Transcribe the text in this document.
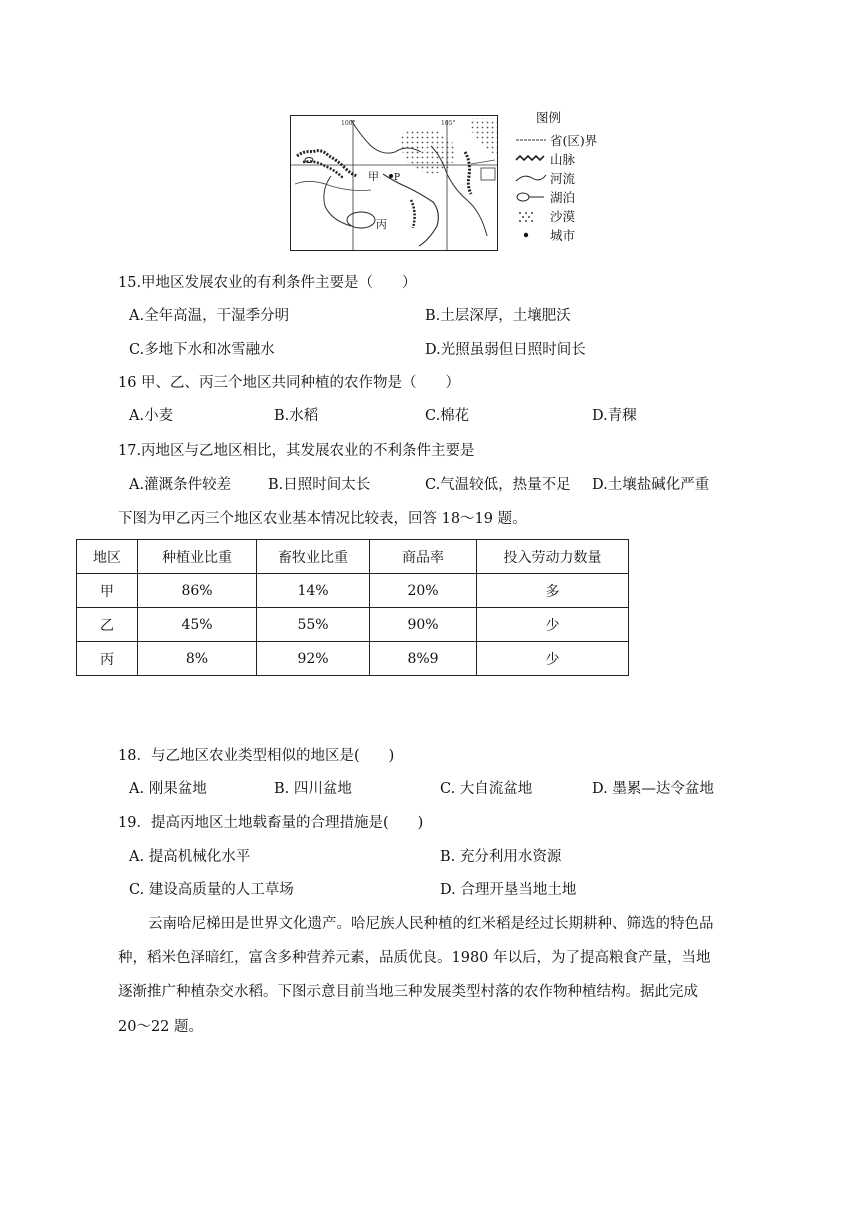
100°	105°
P
甲
丙
图例
省(区)界
山脉
河流
湖泊
沙漠
城市
15.甲地区发展农业的有利条件主要是（　　）
A.全年高温，干湿季分明	B.土层深厚，土壤肥沃
C.多地下水和冰雪融水	D.光照虽弱但日照时间长
16 甲、乙、丙三个地区共同种植的农作物是（　　）
A.小麦	B.水稻	C.棉花	D.青稞
17.丙地区与乙地区相比，其发展农业的不利条件主要是
A.灌溉条件较差	B.日照时间太长	C.气温较低，热量不足 D.土壤盐碱化严重
下图为甲乙丙三个地区农业基本情况比较表，回答 18～19 题。
地区	种植业比重	畜牧业比重	商品率	投入劳动力数量
甲	86%	14%	20%	多
乙	45%	55%	90%	少
丙	8%	92%	8%9	少
18．与乙地区农业类型相似的地区是(　　)
A. 刚果盆地	B. 四川盆地	C. 大自流盆地	D. 墨累—达令盆地
19．提高丙地区土地载畜量的合理措施是(　　)
A. 提高机械化水平	B. 充分利用水资源
C. 建设高质量的人工草场	D. 合理开垦当地土地
云南哈尼梯田是世界文化遗产。哈尼族人民种植的红米稻是经过长期耕种、筛选的特色品
种，稻米色泽暗红，富含多种营养元素，品质优良。1980 年以后，为了提高粮食产量，当地
逐渐推广种植杂交水稻。下图示意目前当地三种发展类型村落的农作物种植结构。据此完成
20～22 题。
